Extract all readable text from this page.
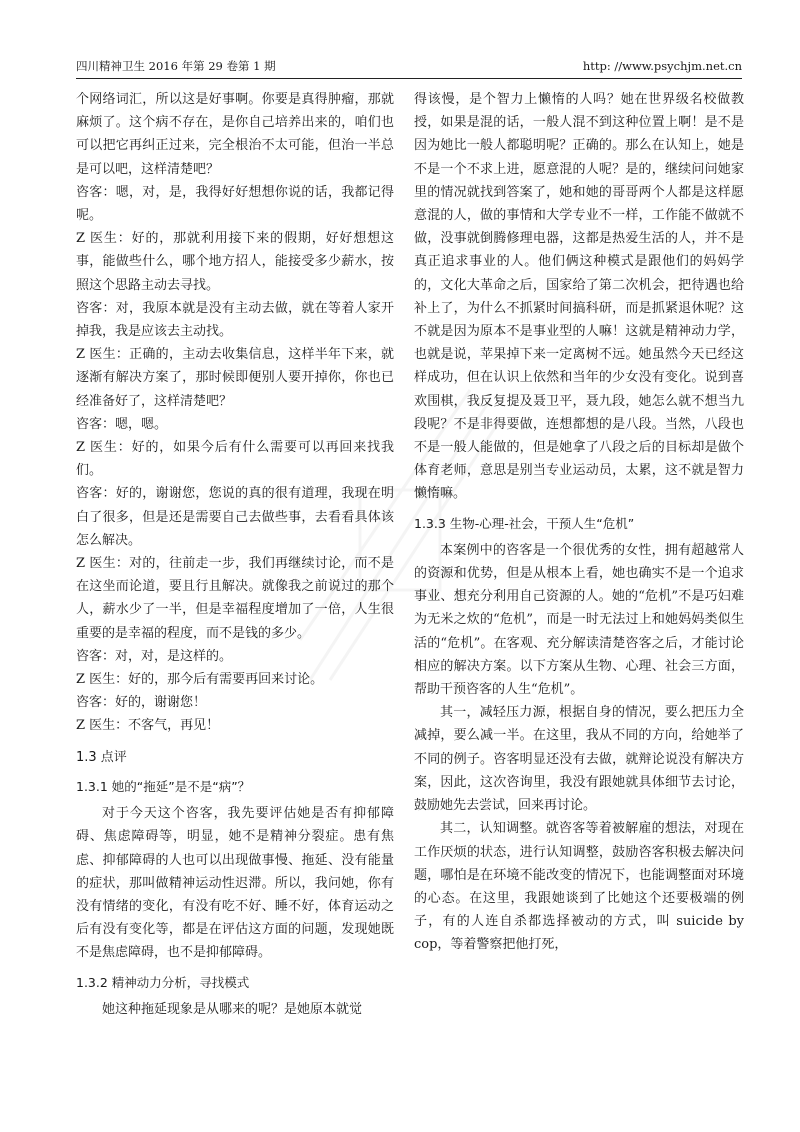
四川精神卫生 2016 年第 29 卷第 1 期	http: //www.psychjm.net.cn

个网络词汇，所以这是好事啊。你要是真得肿瘤，那就麻烦了。这个病不存在，是你自己培养出来的，咱们也可以把它再纠正过来，完全根治不太可能，但治一半总是可以吧，这样清楚吧？

咨客：嗯，对，是，我得好好想想你说的话，我都记得呢。

Z 医生：好的，那就利用接下来的假期，好好想想这事，能做些什么，哪个地方招人，能接受多少薪水，按照这个思路主动去寻找。

咨客：对，我原本就是没有主动去做，就在等着人家开掉我，我是应该去主动找。

Z 医生：正确的，主动去收集信息，这样半年下来，就逐渐有解决方案了，那时候即便别人要开掉你，你也已经准备好了，这样清楚吧？

咨客：嗯，嗯。

Z 医生：好的，如果今后有什么需要可以再回来找我们。

咨客：好的，谢谢您，您说的真的很有道理，我现在明白了很多，但是还是需要自己去做些事，去看看具体该怎么解决。

Z 医生：对的，往前走一步，我们再继续讨论，而不是在这坐而论道，要且行且解决。就像我之前说过的那个人，薪水少了一半，但是幸福程度增加了一倍，人生很重要的是幸福的程度，而不是钱的多少。

咨客：对，对，是这样的。

Z 医生：好的，那今后有需要再回来讨论。

咨客：好的，谢谢您！

Z 医生：不客气，再见！

1.3 点评
1.3.1 她的“拖延”是不是“病”？

对于今天这个咨客，我先要评估她是否有抑郁障碍、焦虑障碍等，明显，她不是精神分裂症。患有焦虑、抑郁障碍的人也可以出现做事慢、拖延、没有能量的症状，那叫做精神运动性迟滞。所以，我问她，你有没有情绪的变化，有没有吃不好、睡不好，体育运动之后有没有变化等，都是在评估这方面的问题，发现她既不是焦虑障碍，也不是抑郁障碍。

1.3.2 精神动力分析，寻找模式

她这种拖延现象是从哪来的呢？是她原本就觉

得该慢，是个智力上懒惰的人吗？她在世界级名校做教授，如果是混的话，一般人混不到这种位置上啊！是不是因为她比一般人都聪明呢？正确的。那么在认知上，她是不是一个不求上进，愿意混的人呢？是的，继续问问她家里的情况就找到答案了，她和她的哥哥两个人都是这样愿意混的人，做的事情和大学专业不一样，工作能不做就不做，没事就倒腾修理电器，这都是热爱生活的人，并不是真正追求事业的人。他们俩这种模式是跟他们的妈妈学的，文化大革命之后，国家给了第二次机会，把待遇也给补上了，为什么不抓紧时间搞科研，而是抓紧退休呢？这不就是因为原本不是事业型的人嘛！这就是精神动力学，也就是说，苹果掉下来一定离树不远。她虽然今天已经这样成功，但在认识上依然和当年的少女没有变化。说到喜欢围棋，我反复提及聂卫平，聂九段，她怎么就不想当九段呢？不是非得要做，连想都想的是八段。当然，八段也不是一般人能做的，但是她拿了八段之后的目标却是做个体育老师，意思是别当专业运动员，太累，这不就是智力懒惰嘛。

1.3.3 生物-心理-社会，干预人生“危机”

本案例中的咨客是一个很优秀的女性，拥有超越常人的资源和优势，但是从根本上看，她也确实不是一个追求事业、想充分利用自己资源的人。她的“危机”不是巧妇难为无米之炊的“危机”，而是一时无法过上和她妈妈类似生活的“危机”。在客观、充分解读清楚咨客之后，才能讨论相应的解决方案。以下方案从生物、心理、社会三方面，帮助干预咨客的人生“危机”。

其一，减轻压力源，根据自身的情况，要么把压力全减掉，要么减一半。在这里，我从不同的方向，给她举了不同的例子。咨客明显还没有去做，就辩论说没有解决方案，因此，这次咨询里，我没有跟她就具体细节去讨论，鼓励她先去尝试，回来再讨论。

其二，认知调整。就咨客等着被解雇的想法，对现在工作厌烦的状态，进行认知调整，鼓励咨客积极去解决问题，哪怕是在环境不能改变的情况下，也能调整面对环境的心态。在这里，我跟她谈到了比她这个还要极端的例子，有的人连自杀都选择被动的方式，叫 suicide by cop，等着警察把他打死，
